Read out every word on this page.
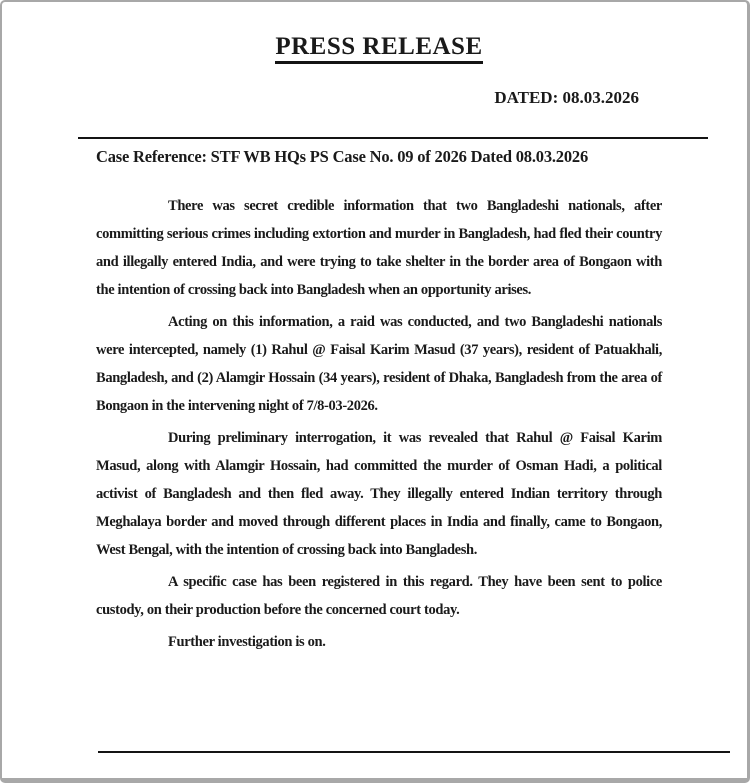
PRESS RELEASE
DATED: 08.03.2026
Case Reference: STF WB HQs PS Case No. 09 of 2026 Dated 08.03.2026

There was secret credible information that two Bangladeshi nationals, after committing serious crimes including extortion and murder in Bangladesh, had fled their country and illegally entered India, and were trying to take shelter in the border area of Bongaon with the intention of crossing back into Bangladesh when an opportunity arises.

Acting on this information, a raid was conducted, and two Bangladeshi nationals were intercepted, namely (1) Rahul @ Faisal Karim Masud (37 years), resident of Patuakhali, Bangladesh, and (2) Alamgir Hossain (34 years), resident of Dhaka, Bangladesh from the area of Bongaon in the intervening night of 7/8-03-2026.

During preliminary interrogation, it was revealed that Rahul @ Faisal Karim Masud, along with Alamgir Hossain, had committed the murder of Osman Hadi, a political activist of Bangladesh and then fled away. They illegally entered Indian territory through Meghalaya border and moved through different places in India and finally, came to Bongaon, West Bengal, with the intention of crossing back into Bangladesh.

A specific case has been registered in this regard. They have been sent to police custody, on their production before the concerned court today.

Further investigation is on.
